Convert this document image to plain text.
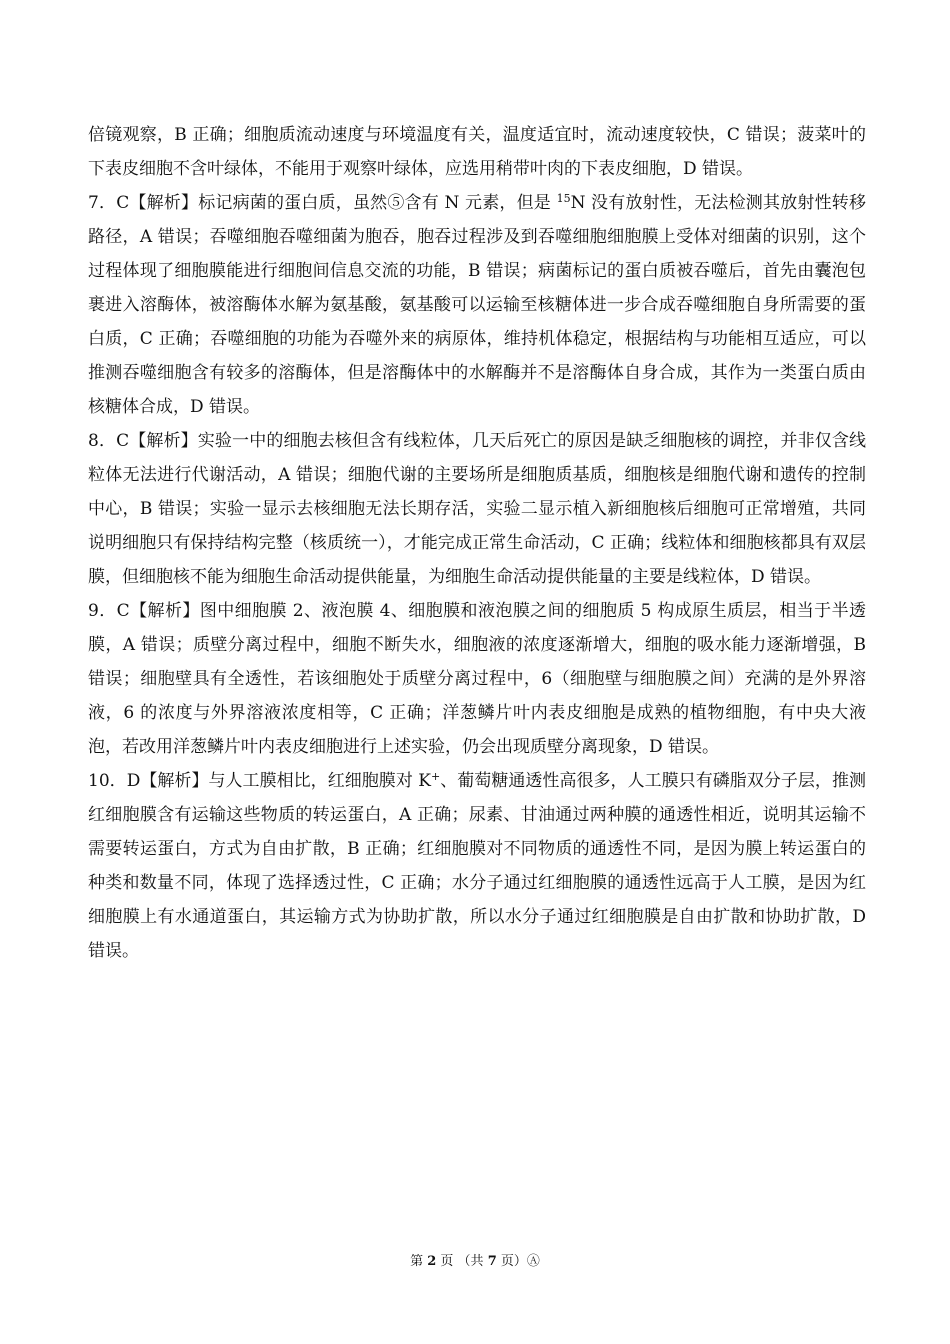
倍镜观察，B 正确；细胞质流动速度与环境温度有关，温度适宜时，流动速度较快，C 错误；菠菜叶的下表皮细胞不含叶绿体，不能用于观察叶绿体，应选用稍带叶肉的下表皮细胞，D 错误。

7．C【解析】标记病菌的蛋白质，虽然⑤含有 N 元素，但是 $^{15}$N 没有放射性，无法检测其放射性转移路径，A 错误；吞噬细胞吞噬细菌为胞吞，胞吞过程涉及到吞噬细胞细胞膜上受体对细菌的识别，这个过程体现了细胞膜能进行细胞间信息交流的功能，B 错误；病菌标记的蛋白质被吞噬后，首先由囊泡包裹进入溶酶体，被溶酶体水解为氨基酸，氨基酸可以运输至核糖体进一步合成吞噬细胞自身所需要的蛋白质，C 正确；吞噬细胞的功能为吞噬外来的病原体，维持机体稳定，根据结构与功能相互适应，可以推测吞噬细胞含有较多的溶酶体，但是溶酶体中的水解酶并不是溶酶体自身合成，其作为一类蛋白质由核糖体合成，D 错误。

8．C【解析】实验一中的细胞去核但含有线粒体，几天后死亡的原因是缺乏细胞核的调控，并非仅含线粒体无法进行代谢活动，A 错误；细胞代谢的主要场所是细胞质基质，细胞核是细胞代谢和遗传的控制中心，B 错误；实验一显示去核细胞无法长期存活，实验二显示植入新细胞核后细胞可正常增殖，共同说明细胞只有保持结构完整（核质统一），才能完成正常生命活动，C 正确；线粒体和细胞核都具有双层膜，但细胞核不能为细胞生命活动提供能量，为细胞生命活动提供能量的主要是线粒体，D 错误。

9．C【解析】图中细胞膜 2、液泡膜 4、细胞膜和液泡膜之间的细胞质 5 构成原生质层，相当于半透膜，A 错误；质壁分离过程中，细胞不断失水，细胞液的浓度逐渐增大，细胞的吸水能力逐渐增强，B 错误；细胞壁具有全透性，若该细胞处于质壁分离过程中，6（细胞壁与细胞膜之间）充满的是外界溶液，6 的浓度与外界溶液浓度相等，C 正确；洋葱鳞片叶内表皮细胞是成熟的植物细胞，有中央大液泡，若改用洋葱鳞片叶内表皮细胞进行上述实验，仍会出现质壁分离现象，D 错误。

10．D【解析】与人工膜相比，红细胞膜对 K+、葡萄糖通透性高很多，人工膜只有磷脂双分子层，推测红细胞膜含有运输这些物质的转运蛋白，A 正确；尿素、甘油通过两种膜的通透性相近，说明其运输不需要转运蛋白，方式为自由扩散，B 正确；红细胞膜对不同物质的通透性不同，是因为膜上转运蛋白的种类和数量不同，体现了选择透过性，C 正确；水分子通过红细胞膜的通透性远高于人工膜，是因为红细胞膜上有水通道蛋白，其运输方式为协助扩散，所以水分子通过红细胞膜是自由扩散和协助扩散，D 错误。

第 2 页 （共 7 页）Ⓐ
